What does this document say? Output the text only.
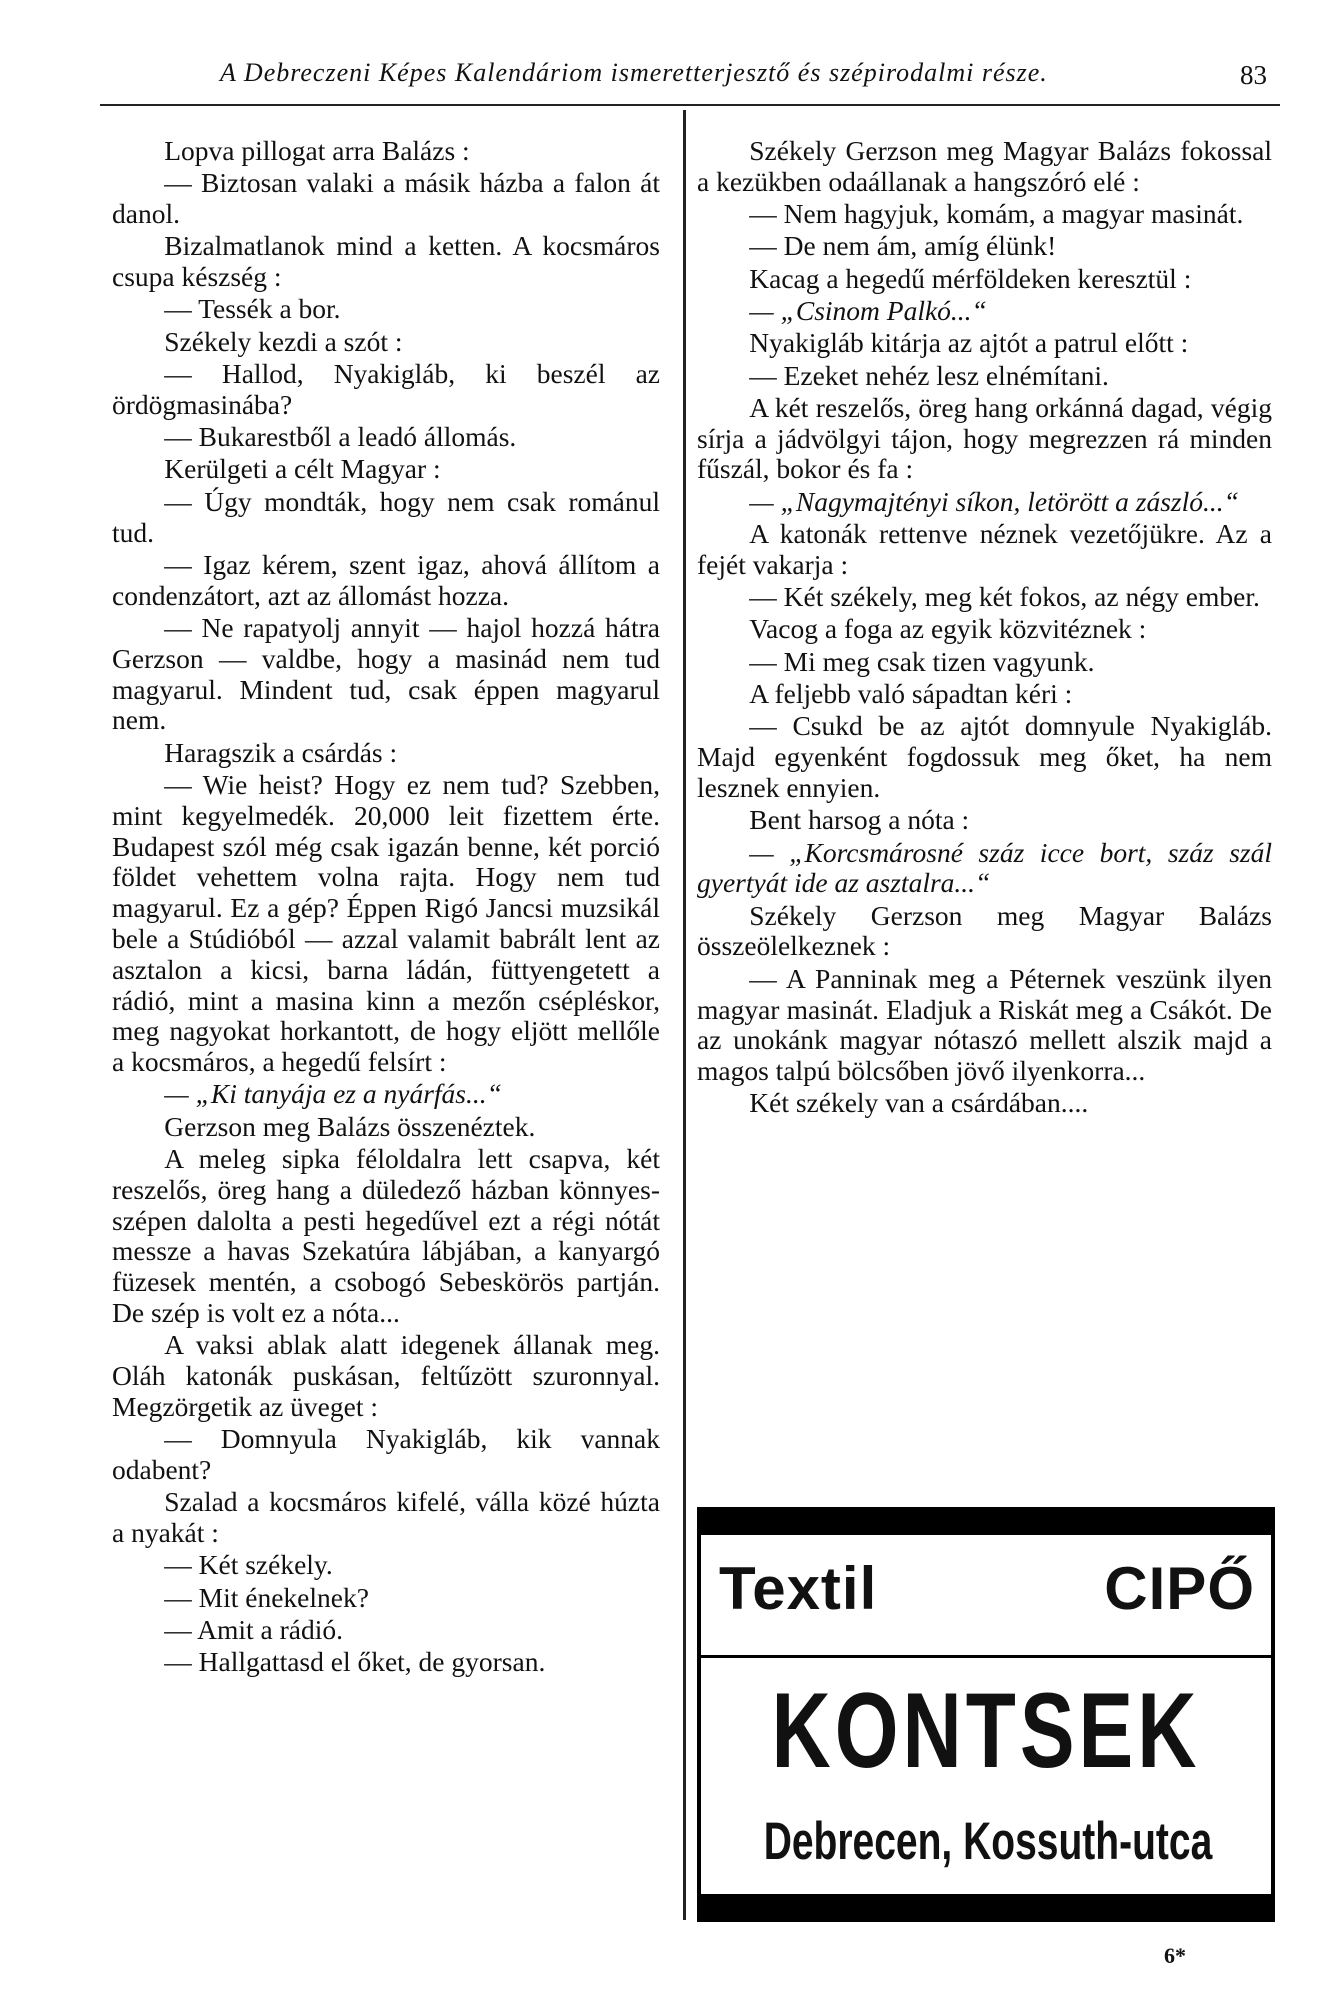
A Debreczeni Képes Kalendáriom ismeretterjesztő és szépirodalmi része.	83

Lopva pillogat arra Balázs :

— Biztosan valaki a másik házba a falon át danol.

Bizalmatlanok mind a ketten. A kocsmáros csupa készség :

— Tessék a bor.

Székely kezdi a szót :

— Hallod, Nyakigláb, ki beszél az ördögmasinába?

— Bukarestből a leadó állomás.

Kerülgeti a célt Magyar :

— Úgy mondták, hogy nem csak románul tud.

— Igaz kérem, szent igaz, ahová állítom a condenzátort, azt az állomást hozza.

— Ne rapatyolj annyit — hajol hozzá hátra Gerzson — valdbe, hogy a masinád nem tud magyarul. Mindent tud, csak éppen magyarul nem.

Haragszik a csárdás :

— Wie heist? Hogy ez nem tud? Szebben, mint kegyelmedék. 20,000 leit fizettem érte. Budapest szól még csak igazán benne, két porció földet vehettem volna rajta. Hogy nem tud magyarul. Ez a gép? Éppen Rigó Jancsi muzsikál bele a Stúdióból — azzal valamit babrált lent az asztalon a kicsi, barna ládán, füttyengetett a rádió, mint a masina kinn a mezőn csépléskor, meg nagyokat horkantott, de hogy eljött mellőle a kocsmáros, a hegedű felsírt :

— „Ki tanyája ez a nyárfás...“

Gerzson meg Balázs összenéztek.

A meleg sipka féloldalra lett csapva, két reszelős, öreg hang a düledező házban könnyes-szépen dalolta a pesti hegedűvel ezt a régi nótát messze a havas Szekatúra lábjában, a kanyargó füzesek mentén, a csobogó Sebeskörös partján. De szép is volt ez a nóta...

A vaksi ablak alatt idegenek állanak meg. Oláh katonák puskásan, feltűzött szuronnyal. Megzörgetik az üveget :

— Domnyula Nyakigláb, kik vannak odabent?

Szalad a kocsmáros kifelé, válla közé húzta a nyakát :

— Két székely.

— Mit énekelnek?

— Amit a rádió.

— Hallgattasd el őket, de gyorsan.

Székely Gerzson meg Magyar Balázs fokossal a kezükben odaállanak a hangszóró elé :

— Nem hagyjuk, komám, a magyar masinát.

— De nem ám, amíg élünk!

Kacag a hegedű mérföldeken keresztül :

— „Csinom Palkó...“

Nyakigláb kitárja az ajtót a patrul előtt :

— Ezeket nehéz lesz elnémítani.

A két reszelős, öreg hang orkánná dagad, végig sírja a jádvölgyi tájon, hogy megrezzen rá minden fűszál, bokor és fa :

— „Nagymajtényi síkon, letörött a zászló...“

A katonák rettenve néznek vezetőjükre. Az a fejét vakarja :

— Két székely, meg két fokos, az négy ember.

Vacog a foga az egyik közvitéznek :

— Mi meg csak tizen vagyunk.

A feljebb való sápadtan kéri :

— Csukd be az ajtót domnyule Nyakigláb. Majd egyenként fogdossuk meg őket, ha nem lesznek ennyien.

Bent harsog a nóta :

— „Korcsmárosné száz icce bort, száz szál gyertyát ide az asztalra...“

Székely Gerzson meg Magyar Balázs összeölelkeznek :

— A Panninak meg a Péternek veszünk ilyen magyar masinát. Eladjuk a Riskát meg a Csákót. De az unokánk magyar nótaszó mellett alszik majd a magos talpú bölcsőben jövő ilyenkorra...

Két székely van a csárdában....

Textil	CIPŐ
KONTSEK
Debrecen, Kossuth-utca
6*
